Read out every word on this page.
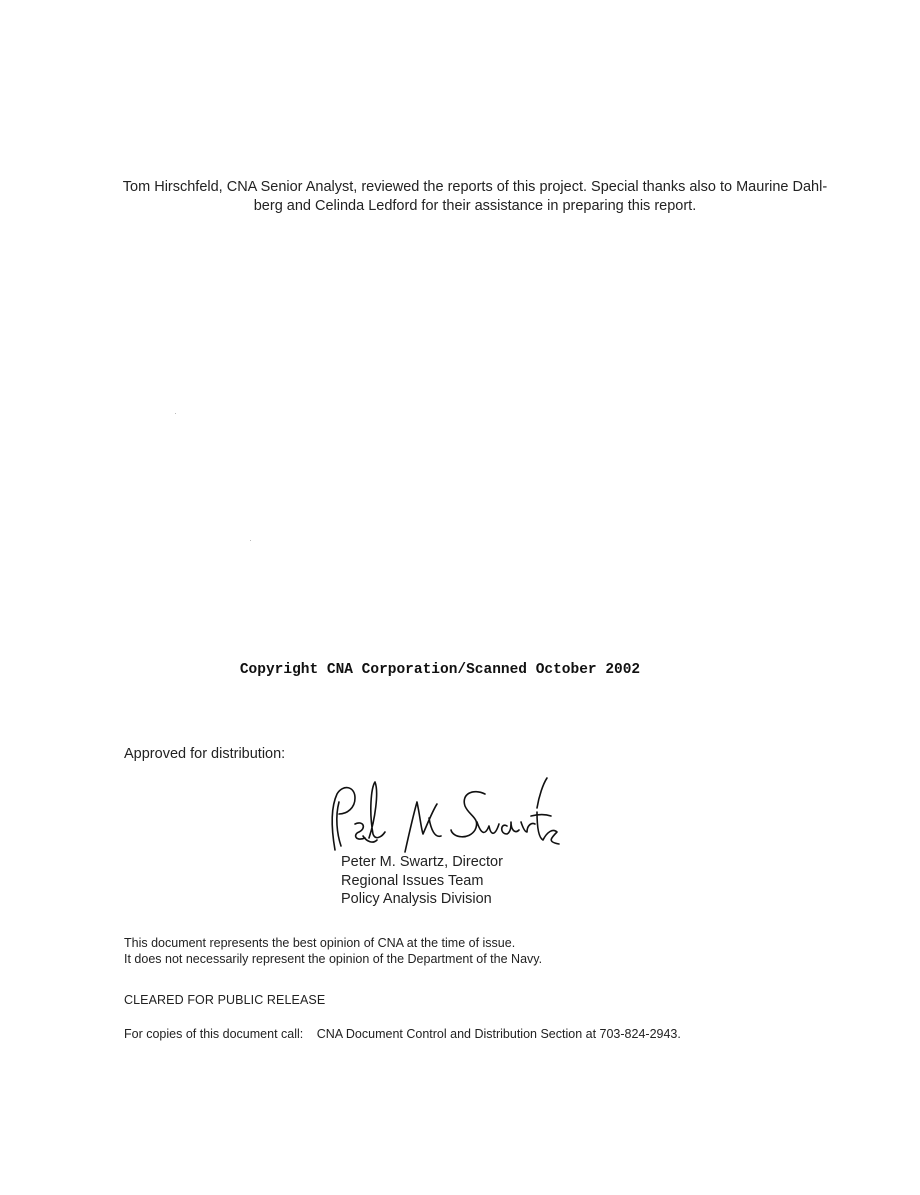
Tom Hirschfeld, CNA Senior Analyst, reviewed the reports of this project. Special thanks also to Maurine Dahl-
berg and Celinda Ledford for their assistance in preparing this report.

Copyright CNA Corporation/Scanned October 2002
Approved for distribution:
Peter M. Swartz, Director
Regional Issues Team
Policy Analysis Division
This document represents the best opinion of CNA at the time of issue.
It does not necessarily represent the opinion of the Department of the Navy.
CLEARED FOR PUBLIC RELEASE
For copies of this document call: CNA Document Control and Distribution Section at 703-824-2943.
